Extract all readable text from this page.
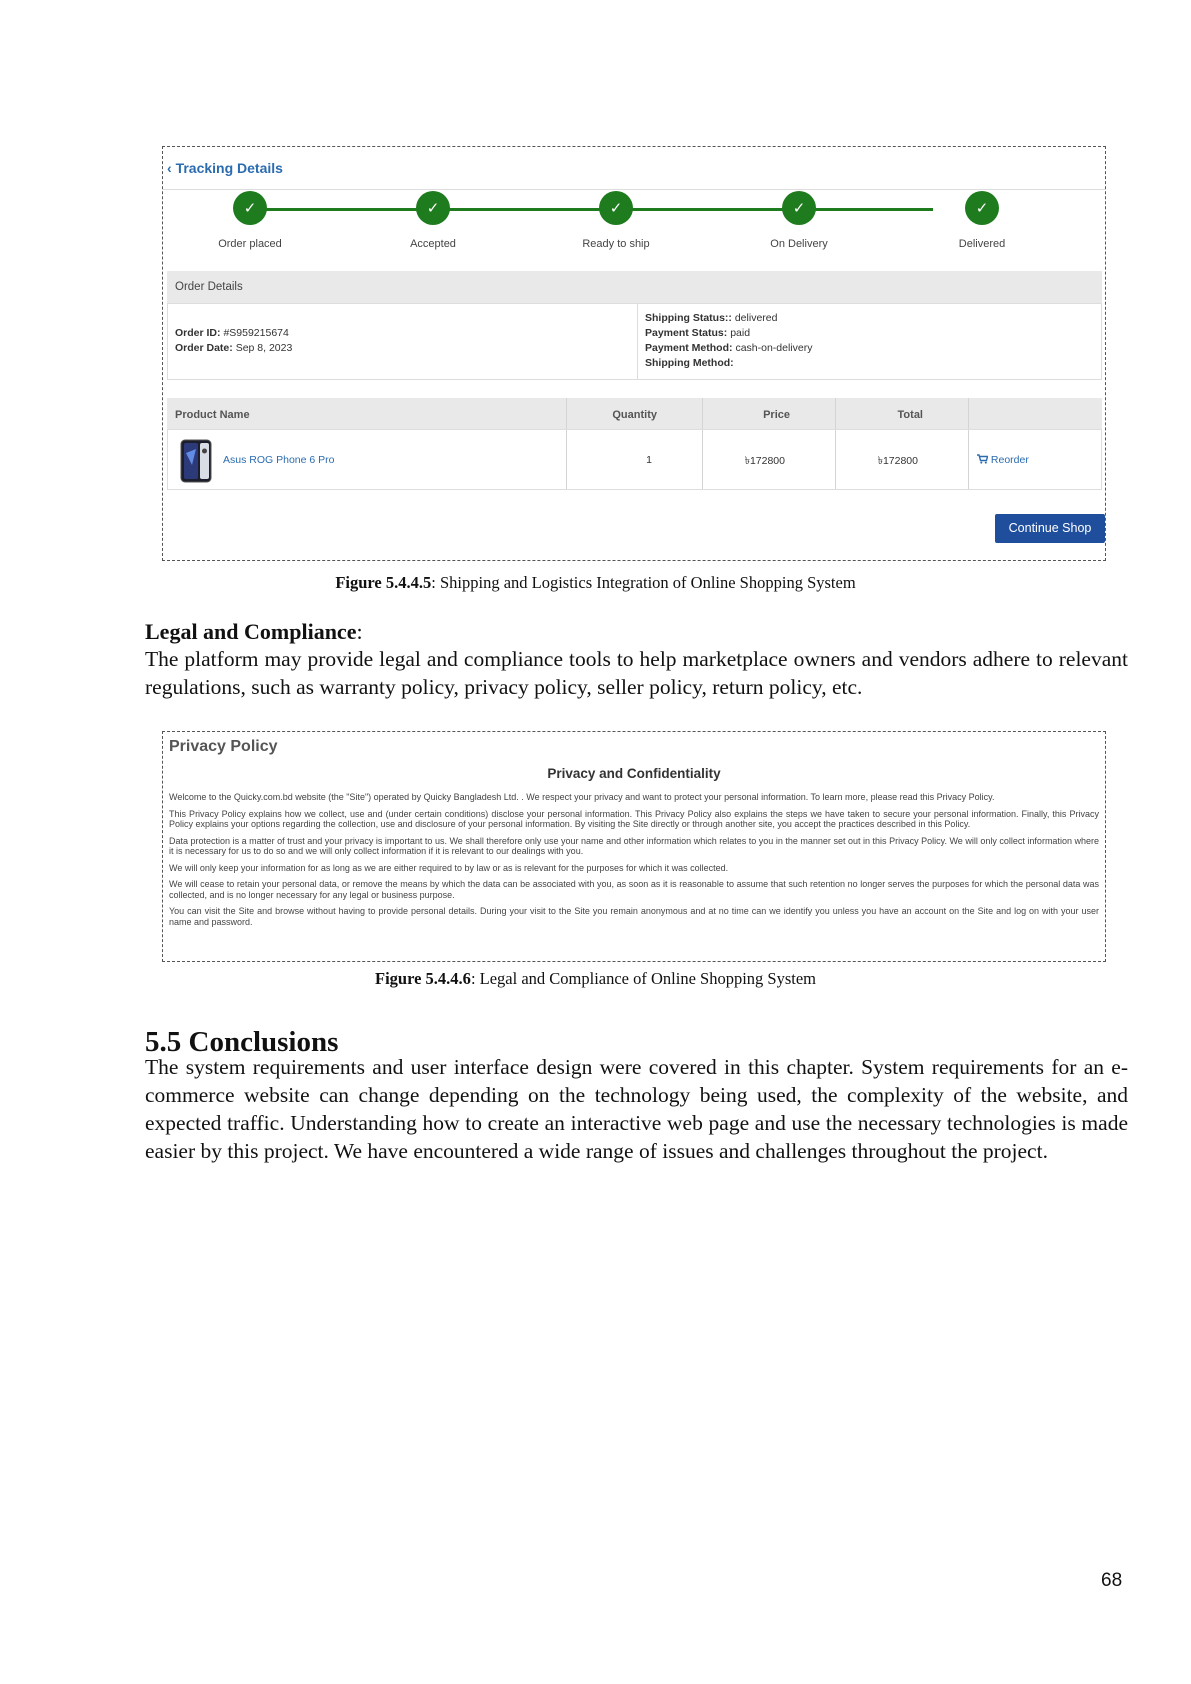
‹ Tracking Details
✓
Order placed
✓
Accepted
✓
Ready to ship
✓
On Delivery
✓
Delivered
Order Details
Order ID: #S959215674
Order Date: Sep 8, 2023
Shipping Status:: delivered
Payment Status: paid
Payment Method: cash-on-delivery
Shipping Method:
Product Name	Quantity	Price	Total
Asus ROG Phone 6 Pro	1	৳172800	৳172800	Reorder
Continue Shop
Figure 5.4.4.5: Shipping and Logistics Integration of Online Shopping System
Legal and Compliance:
The platform may provide legal and compliance tools to help marketplace owners and vendors adhere to relevant regulations, such as warranty policy, privacy policy, seller policy, return policy, etc.
Privacy Policy
Privacy and Confidentiality

Welcome to the Quicky.com.bd website (the "Site") operated by Quicky Bangladesh Ltd. . We respect your privacy and want to protect your personal information. To learn more, please read this Privacy Policy.

This Privacy Policy explains how we collect, use and (under certain conditions) disclose your personal information. This Privacy Policy also explains the steps we have taken to secure your personal information. Finally, this Privacy Policy explains your options regarding the collection, use and disclosure of your personal information. By visiting the Site directly or through another site, you accept the practices described in this Policy.

Data protection is a matter of trust and your privacy is important to us. We shall therefore only use your name and other information which relates to you in the manner set out in this Privacy Policy. We will only collect information where it is necessary for us to do so and we will only collect information if it is relevant to our dealings with you.

We will only keep your information for as long as we are either required to by law or as is relevant for the purposes for which it was collected.

We will cease to retain your personal data, or remove the means by which the data can be associated with you, as soon as it is reasonable to assume that such retention no longer serves the purposes for which the personal data was collected, and is no longer necessary for any legal or business purpose.

You can visit the Site and browse without having to provide personal details. During your visit to the Site you remain anonymous and at no time can we identify you unless you have an account on the Site and log on with your user name and password.

Figure 5.4.4.6: Legal and Compliance of Online Shopping System
5.5 Conclusions
The system requirements and user interface design were covered in this chapter. System requirements for an e-commerce website can change depending on the technology being used, the complexity of the website, and expected traffic. Understanding how to create an interactive web page and use the necessary technologies is made easier by this project. We have encountered a wide range of issues and challenges throughout the project.
68
